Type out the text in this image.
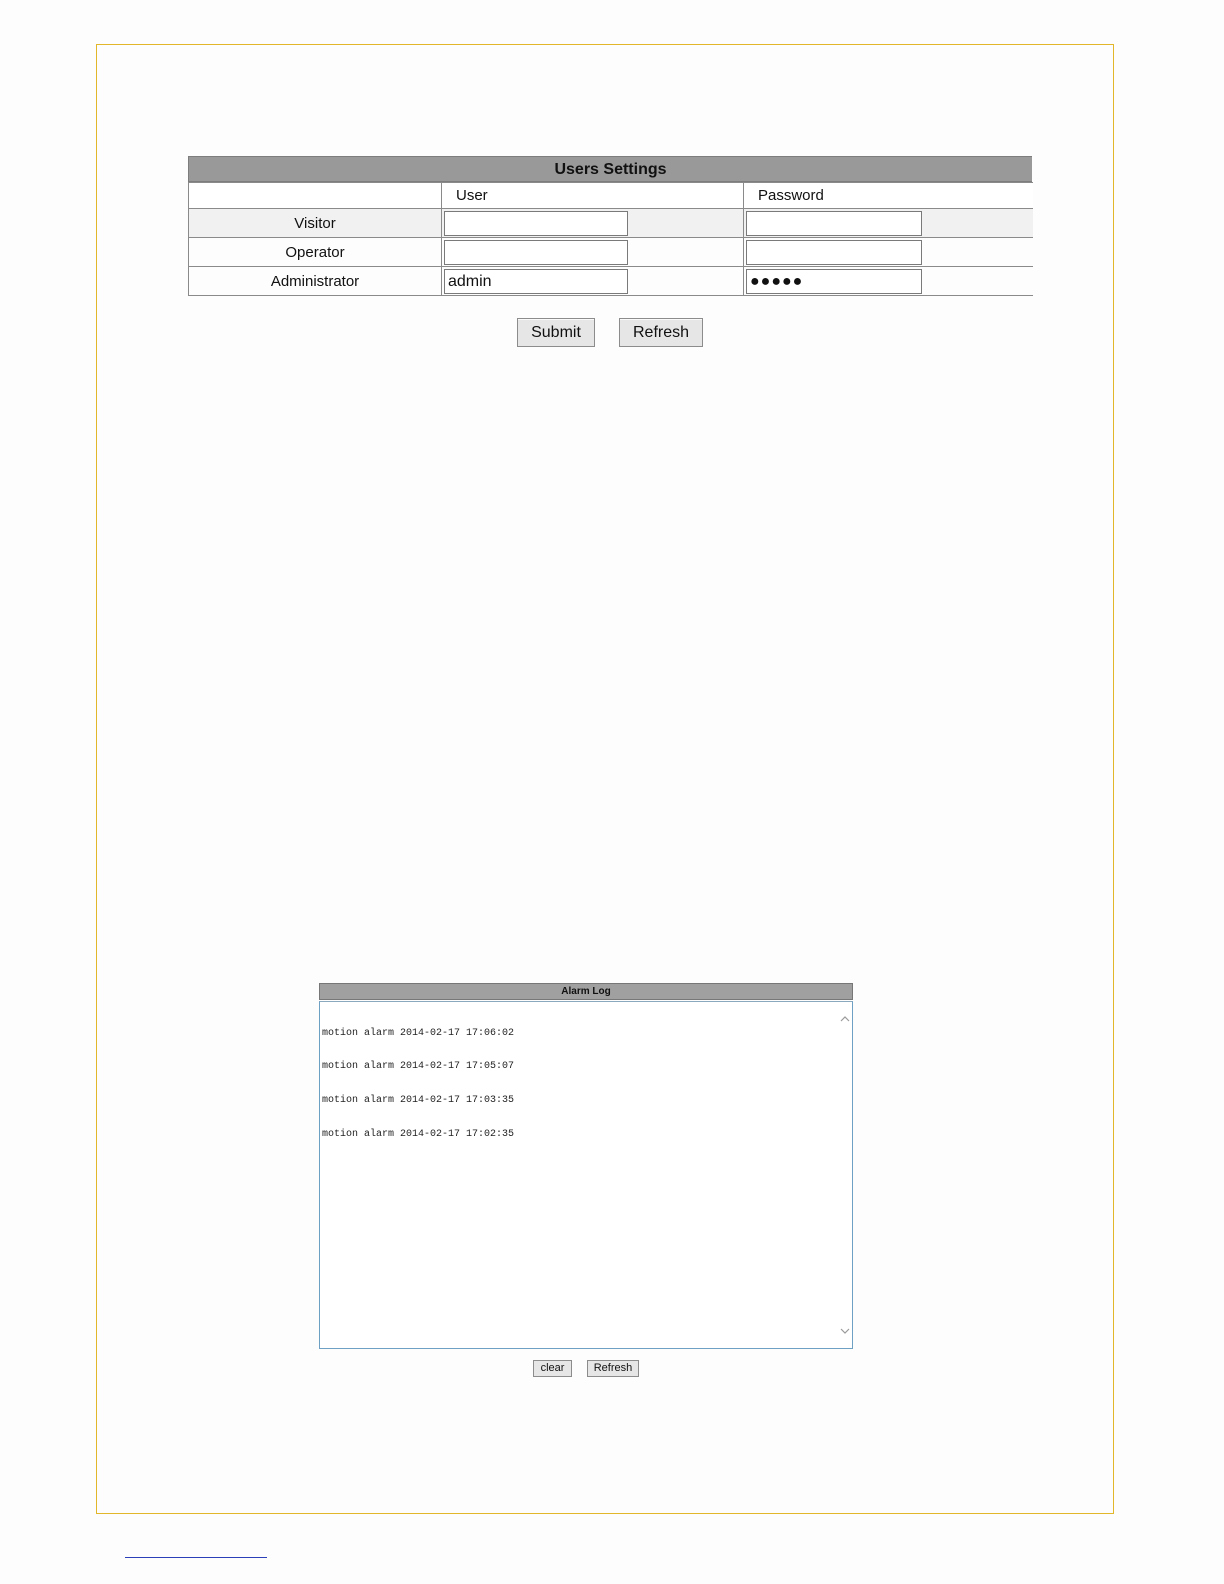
Users Settings
	User	Password
Visitor	

Operator	

Administrator	admin	●●●●●
Submit	Refresh
Alarm Log

motion alarm 2014-02-17 17:06:02

motion alarm 2014-02-17 17:05:07

motion alarm 2014-02-17 17:03:35

motion alarm 2014-02-17 17:02:35

clear	Refresh
